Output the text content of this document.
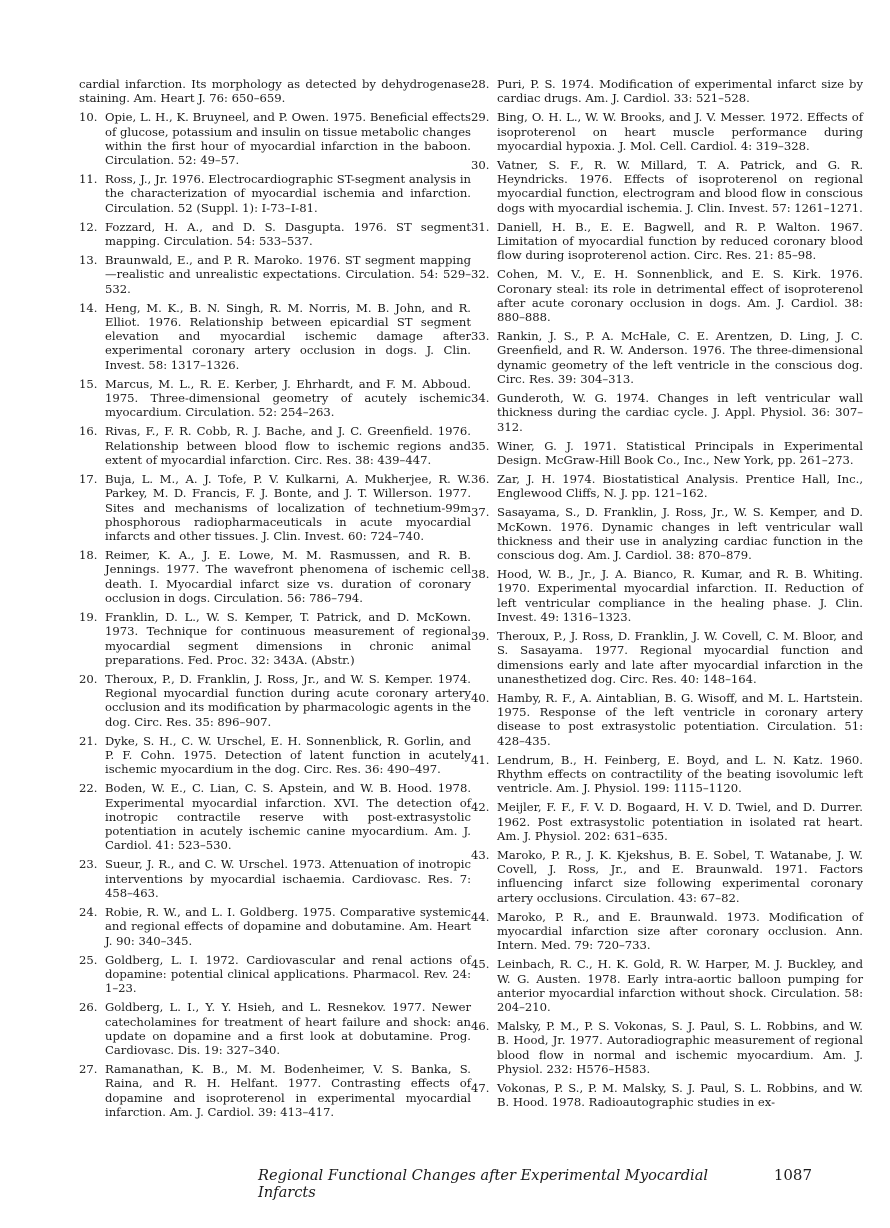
cardial infarction. Its morphology as detected by dehydrogenase staining. Am. Heart J. 76: 650–659.
10. Opie, L. H., K. Bruyneel, and P. Owen. 1975. Beneficial effects of glucose, potassium and insulin on tissue metabolic changes within the first hour of myocardial infarction in the baboon. Circulation. 52: 49–57.
11. Ross, J., Jr. 1976. Electrocardiographic ST-segment analysis in the characterization of myocardial ischemia and infarction. Circulation. 52 (Suppl. 1): I-73–I-81.
12. Fozzard, H. A., and D. S. Dasgupta. 1976. ST segment mapping. Circulation. 54: 533–537.
13. Braunwald, E., and P. R. Maroko. 1976. ST segment mapping—realistic and unrealistic expectations. Circulation. 54: 529–532.
14. Heng, M. K., B. N. Singh, R. M. Norris, M. B. John, and R. Elliot. 1976. Relationship between epicardial ST segment elevation and myocardial ischemic damage after experimental coronary artery occlusion in dogs. J. Clin. Invest. 58: 1317–1326.
15. Marcus, M. L., R. E. Kerber, J. Ehrhardt, and F. M. Abboud. 1975. Three-dimensional geometry of acutely ischemic myocardium. Circulation. 52: 254–263.
16. Rivas, F., F. R. Cobb, R. J. Bache, and J. C. Greenfield. 1976. Relationship between blood flow to ischemic regions and extent of myocardial infarction. Circ. Res. 38: 439–447.
17. Buja, L. M., A. J. Tofe, P. V. Kulkarni, A. Mukherjee, R. W. Parkey, M. D. Francis, F. J. Bonte, and J. T. Willerson. 1977. Sites and mechanisms of localization of technetium-99m phosphorous radiopharmaceuticals in acute myocardial infarcts and other tissues. J. Clin. Invest. 60: 724–740.
18. Reimer, K. A., J. E. Lowe, M. M. Rasmussen, and R. B. Jennings. 1977. The wavefront phenomena of ischemic cell death. I. Myocardial infarct size vs. duration of coronary occlusion in dogs. Circulation. 56: 786–794.
19. Franklin, D. L., W. S. Kemper, T. Patrick, and D. McKown. 1973. Technique for continuous measurement of regional myocardial segment dimensions in chronic animal preparations. Fed. Proc. 32: 343A. (Abstr.)
20. Theroux, P., D. Franklin, J. Ross, Jr., and W. S. Kemper. 1974. Regional myocardial function during acute coronary artery occlusion and its modification by pharmacologic agents in the dog. Circ. Res. 35: 896–907.
21. Dyke, S. H., C. W. Urschel, E. H. Sonnenblick, R. Gorlin, and P. F. Cohn. 1975. Detection of latent function in acutely ischemic myocardium in the dog. Circ. Res. 36: 490–497.
22. Boden, W. E., C. Lian, C. S. Apstein, and W. B. Hood. 1978. Experimental myocardial infarction. XVI. The detection of inotropic contractile reserve with post-extrasystolic potentiation in acutely ischemic canine myocardium. Am. J. Cardiol. 41: 523–530.
23. Sueur, J. R., and C. W. Urschel. 1973. Attenuation of inotropic interventions by myocardial ischaemia. Cardiovasc. Res. 7: 458–463.
24. Robie, R. W., and L. I. Goldberg. 1975. Comparative systemic and regional effects of dopamine and dobutamine. Am. Heart J. 90: 340–345.
25. Goldberg, L. I. 1972. Cardiovascular and renal actions of dopamine: potential clinical applications. Pharmacol. Rev. 24: 1–23.
26. Goldberg, L. I., Y. Y. Hsieh, and L. Resnekov. 1977. Newer catecholamines for treatment of heart failure and shock: an update on dopamine and a first look at dobutamine. Prog. Cardiovasc. Dis. 19: 327–340.
27. Ramanathan, K. B., M. M. Bodenheimer, V. S. Banka, S. Raina, and R. H. Helfant. 1977. Contrasting effects of dopamine and isoproterenol in experimental myocardial infarction. Am. J. Cardiol. 39: 413–417.
28. Puri, P. S. 1974. Modification of experimental infarct size by cardiac drugs. Am. J. Cardiol. 33: 521–528.
29. Bing, O. H. L., W. W. Brooks, and J. V. Messer. 1972. Effects of isoproterenol on heart muscle performance during myocardial hypoxia. J. Mol. Cell. Cardiol. 4: 319–328.
30. Vatner, S. F., R. W. Millard, T. A. Patrick, and G. R. Heyndricks. 1976. Effects of isoproterenol on regional myocardial function, electrogram and blood flow in conscious dogs with myocardial ischemia. J. Clin. Invest. 57: 1261–1271.
31. Daniell, H. B., E. E. Bagwell, and R. P. Walton. 1967. Limitation of myocardial function by reduced coronary blood flow during isoproterenol action. Circ. Res. 21: 85–98.
32. Cohen, M. V., E. H. Sonnenblick, and E. S. Kirk. 1976. Coronary steal: its role in detrimental effect of isoproterenol after acute coronary occlusion in dogs. Am. J. Cardiol. 38: 880–888.
33. Rankin, J. S., P. A. McHale, C. E. Arentzen, D. Ling, J. C. Greenfield, and R. W. Anderson. 1976. The three-dimensional dynamic geometry of the left ventricle in the conscious dog. Circ. Res. 39: 304–313.
34. Gunderoth, W. G. 1974. Changes in left ventricular wall thickness during the cardiac cycle. J. Appl. Physiol. 36: 307–312.
35. Winer, G. J. 1971. Statistical Principals in Experimental Design. McGraw-Hill Book Co., Inc., New York, pp. 261–273.
36. Zar, J. H. 1974. Biostatistical Analysis. Prentice Hall, Inc., Englewood Cliffs, N. J. pp. 121–162.
37. Sasayama, S., D. Franklin, J. Ross, Jr., W. S. Kemper, and D. McKown. 1976. Dynamic changes in left ventricular wall thickness and their use in analyzing cardiac function in the conscious dog. Am. J. Cardiol. 38: 870–879.
38. Hood, W. B., Jr., J. A. Bianco, R. Kumar, and R. B. Whiting. 1970. Experimental myocardial infarction. II. Reduction of left ventricular compliance in the healing phase. J. Clin. Invest. 49: 1316–1323.
39. Theroux, P., J. Ross, D. Franklin, J. W. Covell, C. M. Bloor, and S. Sasayama. 1977. Regional myocardial function and dimensions early and late after myocardial infarction in the unanesthetized dog. Circ. Res. 40: 148–164.
40. Hamby, R. F., A. Aintablian, B. G. Wisoff, and M. L. Hartstein. 1975. Response of the left ventricle in coronary artery disease to post extrasystolic potentiation. Circulation. 51: 428–435.
41. Lendrum, B., H. Feinberg, E. Boyd, and L. N. Katz. 1960. Rhythm effects on contractility of the beating isovolumic left ventricle. Am. J. Physiol. 199: 1115–1120.
42. Meijler, F. F., F. V. D. Bogaard, H. V. D. Twiel, and D. Durrer. 1962. Post extrasystolic potentiation in isolated rat heart. Am. J. Physiol. 202: 631–635.
43. Maroko, P. R., J. K. Kjekshus, B. E. Sobel, T. Watanabe, J. W. Covell, J. Ross, Jr., and E. Braunwald. 1971. Factors influencing infarct size following experimental coronary artery occlusions. Circulation. 43: 67–82.
44. Maroko, P. R., and E. Braunwald. 1973. Modification of myocardial infarction size after coronary occlusion. Ann. Intern. Med. 79: 720–733.
45. Leinbach, R. C., H. K. Gold, R. W. Harper, M. J. Buckley, and W. G. Austen. 1978. Early intra-aortic balloon pumping for anterior myocardial infarction without shock. Circulation. 58: 204–210.
46. Malsky, P. M., P. S. Vokonas, S. J. Paul, S. L. Robbins, and W. B. Hood, Jr. 1977. Autoradiographic measurement of regional blood flow in normal and ischemic myocardium. Am. J. Physiol. 232: H576–H583.
47. Vokonas, P. S., P. M. Malsky, S. J. Paul, S. L. Robbins, and W. B. Hood. 1978. Radioautographic studies in ex-
Regional Functional Changes after Experimental Myocardial Infarcts
1087
